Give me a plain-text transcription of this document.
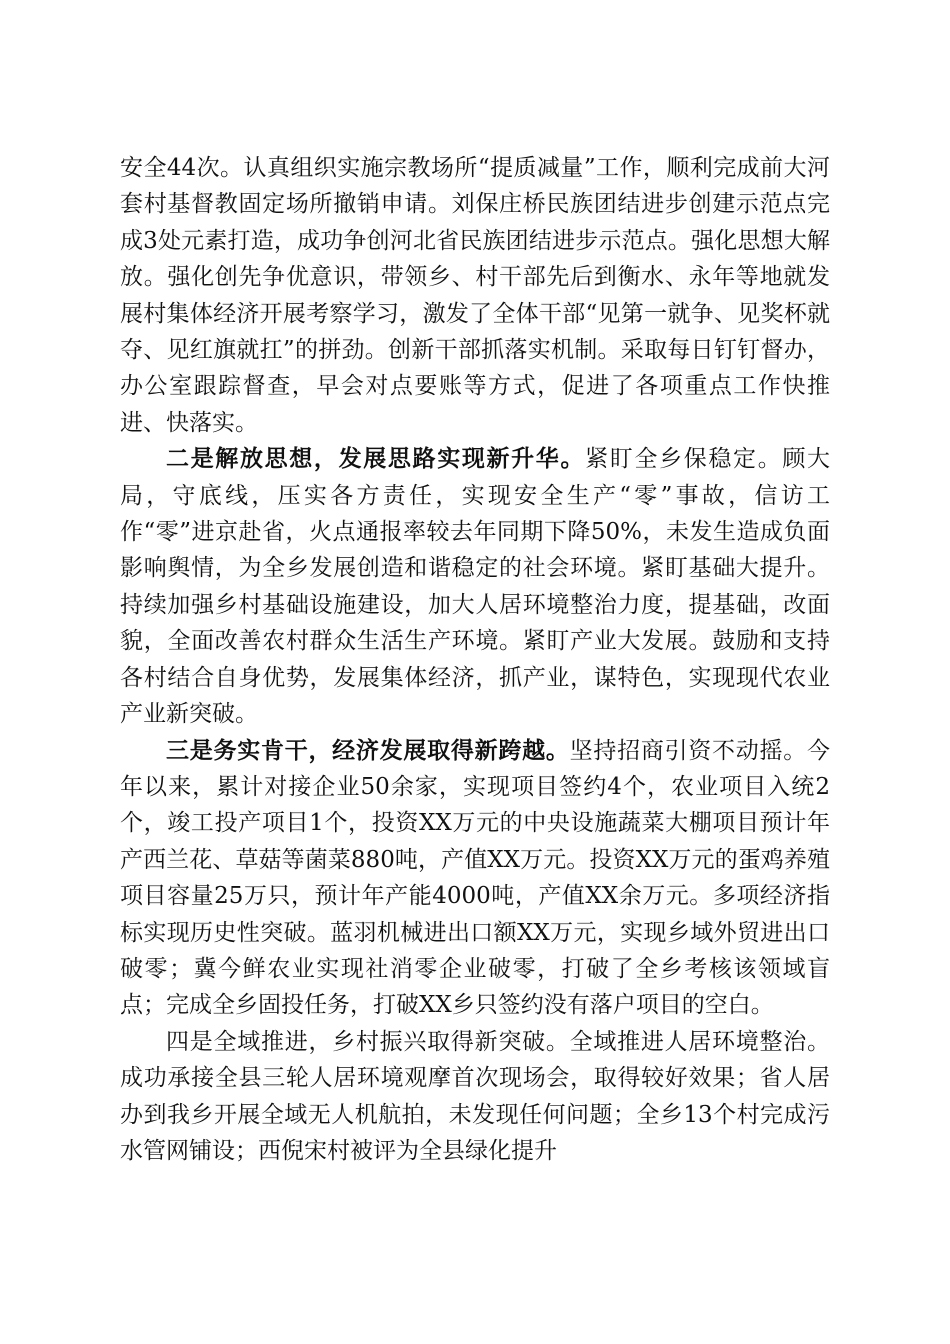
安全44次。认真组织实施宗教场所“提质减量”工作，顺利完成前大河套村基督教固定场所撤销申请。刘保庄桥民族团结进步创建示范点完成3处元素打造，成功争创河北省民族团结进步示范点。强化思想大解放。强化创先争优意识，带领乡、村干部先后到衡水、永年等地就发展村集体经济开展考察学习，激发了全体干部“见第一就争、见奖杯就夺、见红旗就扛”的拼劲。创新干部抓落实机制。采取每日钉钉督办，办公室跟踪督查，早会对点要账等方式，促进了各项重点工作快推进、快落实。

二是解放思想，发展思路实现新升华。紧盯全乡保稳定。顾大局，守底线，压实各方责任，实现安全生产“零”事故，信访工作“零”进京赴省，火点通报率较去年同期下降50%，未发生造成负面影响舆情，为全乡发展创造和谐稳定的社会环境。紧盯基础大提升。持续加强乡村基础设施建设，加大人居环境整治力度，提基础，改面貌，全面改善农村群众生活生产环境。紧盯产业大发展。鼓励和支持各村结合自身优势，发展集体经济，抓产业，谋特色，实现现代农业产业新突破。

三是务实肯干，经济发展取得新跨越。坚持招商引资不动摇。今年以来，累计对接企业50余家，实现项目签约4个，农业项目入统2个，竣工投产项目1个，投资XX万元的中央设施蔬菜大棚项目预计年产西兰花、草菇等菌菜880吨，产值XX万元。投资XX万元的蛋鸡养殖项目容量25万只，预计年产能4000吨，产值XX余万元。多项经济指标实现历史性突破。蓝羽机械进出口额XX万元，实现乡域外贸进出口破零；冀今鲜农业实现社消零企业破零，打破了全乡考核该领域盲点；完成全乡固投任务，打破XX乡只签约没有落户项目的空白。

四是全域推进，乡村振兴取得新突破。全域推进人居环境整治。成功承接全县三轮人居环境观摩首次现场会，取得较好效果；省人居办到我乡开展全域无人机航拍，未发现任何问题；全乡13个村完成污水管网铺设；西倪宋村被评为全县绿化提升
